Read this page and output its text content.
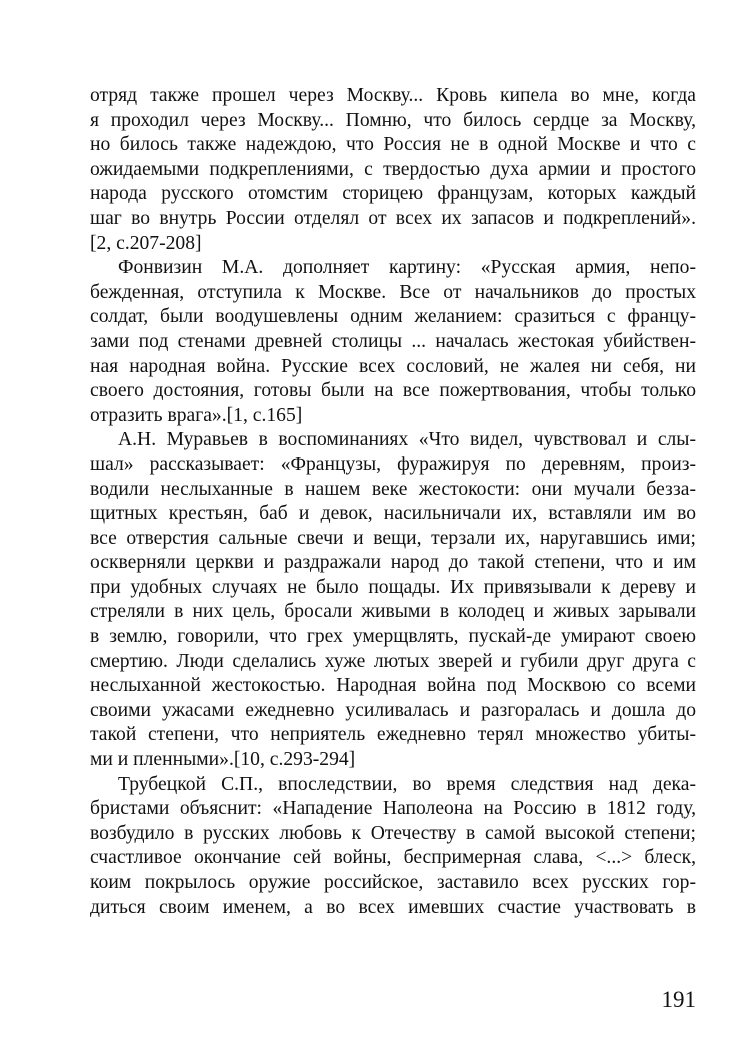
отряд также прошел через Москву... Кровь кипела во мне, когда
я проходил через Москву... Помню, что билось сердце за Москву,
но билось также надеждою, что Россия не в одной Москве и что с
ожидаемыми подкреплениями, с твердостью духа армии и простого
народа русского отомстим сторицею французам, которых каждый
шаг во внутрь России отделял от всех их запасов и подкреплений».
[2, с.207-208]
Фонвизин М.А. дополняет картину: «Русская армия, непо-
бежденная, отступила к Москве. Все от начальников до простых
солдат, были воодушевлены одним желанием: сразиться с францу-
зами под стенами древней столицы ... началась жестокая убийствен-
ная народная война. Русские всех сословий, не жалея ни себя, ни
своего достояния, готовы были на все пожертвования, чтобы только
отразить врага».[1, с.165]
А.Н. Муравьев в воспоминаниях «Что видел, чувствовал и слы-
шал» рассказывает: «Французы, фуражируя по деревням, произ-
водили неслыханные в нашем веке жестокости: они мучали безза-
щитных крестьян, баб и девок, насильничали их, вставляли им во
все отверстия сальные свечи и вещи, терзали их, наругавшись ими;
оскверняли церкви и раздражали народ до такой степени, что и им
при удобных случаях не было пощады. Их привязывали к дереву и
стреляли в них цель, бросали живыми в колодец и живых зарывали
в землю, говорили, что грех умерщвлять, пускай-де умирают своею
смертию. Люди сделались хуже лютых зверей и губили друг друга с
неслыханной жестокостью. Народная война под Москвою со всеми
своими ужасами ежедневно усиливалась и разгоралась и дошла до
такой степени, что неприятель ежедневно терял множество убиты-
ми и пленными».[10, с.293-294]
Трубецкой С.П., впоследствии, во время следствия над дека-
бристами объяснит: «Нападение Наполеона на Россию в 1812 году,
возбудило в русских любовь к Отечеству в самой высокой степени;
счастливое окончание сей войны, беспримерная слава, <...> блеск,
коим покрылось оружие российское, заставило всех русских гор-
диться своим именем, а во всех имевших счастие участвовать в
191
